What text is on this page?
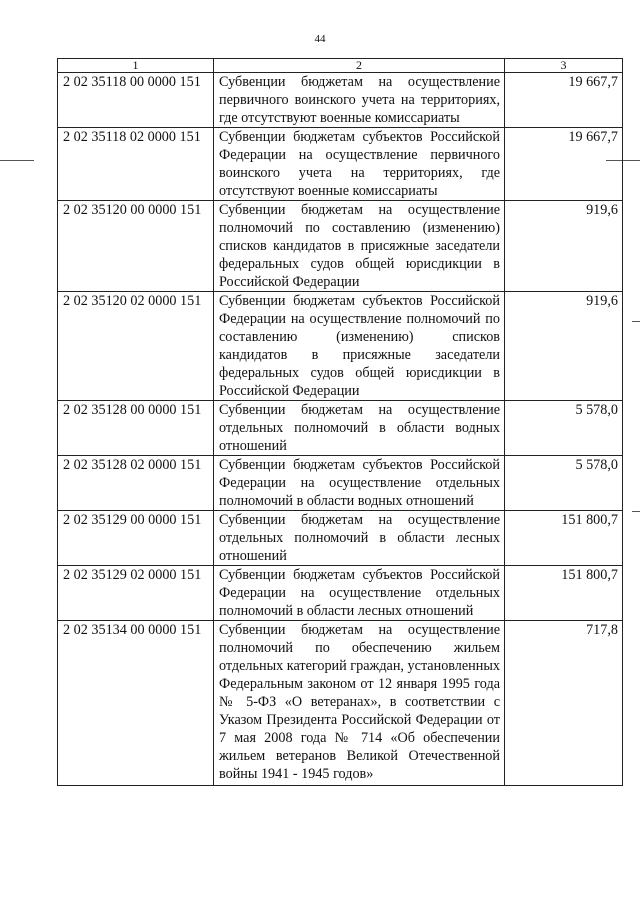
44
1	2	3
2 02 35118 00 0000 151	Субвенции бюджетам на осуществление первичного воинского учета на территориях, где отсутствуют военные комиссариаты	19 667,7
2 02 35118 02 0000 151	Субвенции бюджетам субъектов Российской Федерации на осуществление первичного воинского учета на территориях, где отсутствуют военные комиссариаты	19 667,7
2 02 35120 00 0000 151	Субвенции бюджетам на осуществление полномочий по составлению (изменению) списков кандидатов в присяжные заседатели федеральных судов общей юрисдикции в Российской Федерации	919,6
2 02 35120 02 0000 151	Субвенции бюджетам субъектов Российской Федерации на осуществление полномочий по составлению (изменению) списков кандидатов в присяжные заседатели федеральных судов общей юрисдикции в Российской Федерации	919,6
2 02 35128 00 0000 151	Субвенции бюджетам на осуществление отдельных полномочий в области водных отношений	5 578,0
2 02 35128 02 0000 151	Субвенции бюджетам субъектов Российской Федерации на осуществление отдельных полномочий в области водных отношений	5 578,0
2 02 35129 00 0000 151	Субвенции бюджетам на осуществление отдельных полномочий в области лесных отношений	151 800,7
2 02 35129 02 0000 151	Субвенции бюджетам субъектов Российской Федерации на осуществление отдельных полномочий в области лесных отношений	151 800,7
2 02 35134 00 0000 151	Субвенции бюджетам на осуществление полномочий по обеспечению жильем отдельных категорий граждан, установленных Федеральным законом от 12 января 1995 года № 5-ФЗ «О ветеранах», в соответствии с Указом Президента Российской Федерации от 7 мая 2008 года № 714 «Об обеспечении жильем ветеранов Великой Отечественной войны 1941 - 1945 годов»	717,8
